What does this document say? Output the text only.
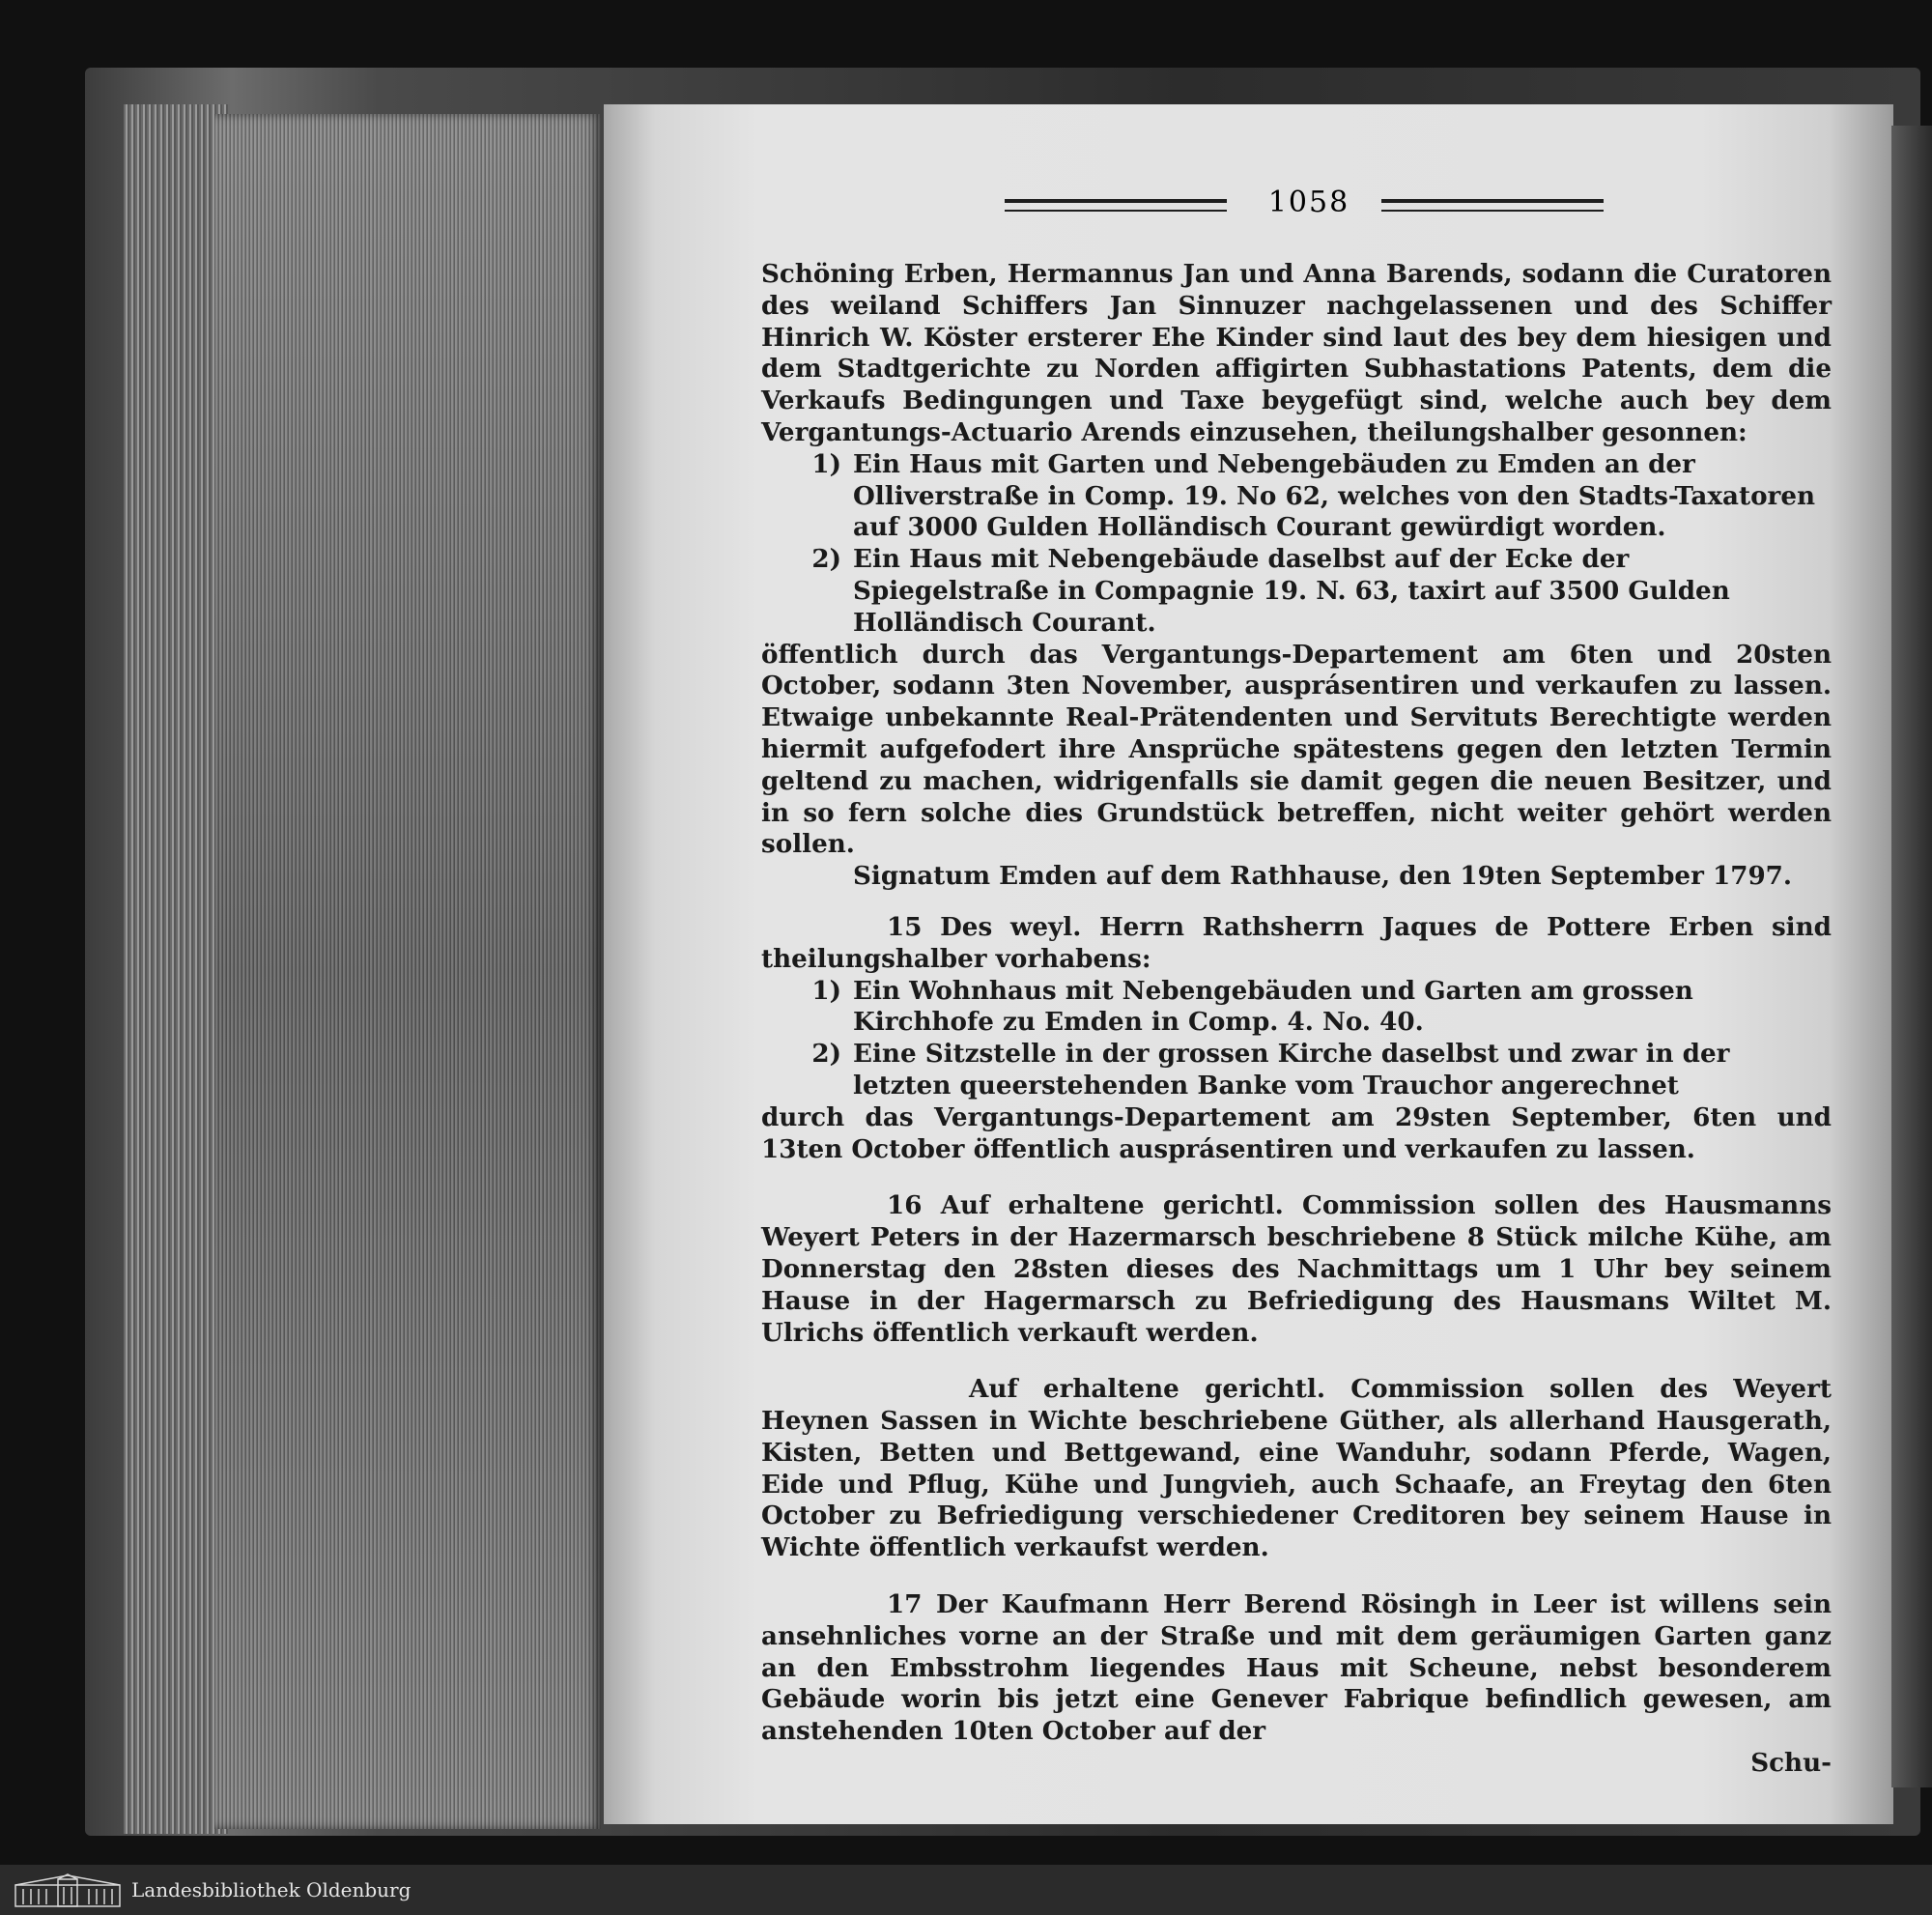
1058

Schöning Erben, Hermannus Jan und Anna Barends, sodann die Curatoren des weiland Schiffers Jan Sinnuzer nachgelassenen und des Schiffer Hinrich W. Köster ersterer Ehe Kinder sind laut des bey dem hiesigen und dem Stadtgerichte zu Norden affigirten Subhastations Patents, dem die Verkaufs Bedingungen und Taxe beygefügt sind, welche auch bey dem Vergantungs-Actuario Arends einzusehen, theilungshalber gesonnen:

1) Ein Haus mit Garten und Nebengebäuden zu Emden an der Olliverstraße in Comp. 19. No 62, welches von den Stadts-Taxatoren auf 3000 Gulden Holländisch Courant gewürdigt worden.
2) Ein Haus mit Nebengebäude daselbst auf der Ecke der Spiegelstraße in Compagnie 19. N. 63, taxirt auf 3500 Gulden Holländisch Courant.

öffentlich durch das Vergantungs-Departement am 6ten und 20sten October, sodann 3ten November, ausprásentiren und verkaufen zu lassen. Etwaige unbekannte Real-Prätendenten und Servituts Berechtigte werden hiermit aufgefodert ihre Ansprüche spätestens gegen den letzten Termin geltend zu machen, widrigenfalls sie damit gegen die neuen Besitzer, und in so fern solche dies Grundstück betreffen, nicht weiter gehört werden sollen.

Signatum Emden auf dem Rathhause, den 19ten September 1797.

15 Des weyl. Herrn Rathsherrn Jaques de Pottere Erben sind theilungshalber vorhabens:

1) Ein Wohnhaus mit Nebengebäuden und Garten am grossen Kirchhofe zu Emden in Comp. 4. No. 40.
2) Eine Sitzstelle in der grossen Kirche daselbst und zwar in der letzten queerstehenden Banke vom Trauchor angerechnet

durch das Vergantungs-Departement am 29sten September, 6ten und 13ten October öffentlich ausprásentiren und verkaufen zu lassen.

16 Auf erhaltene gerichtl. Commission sollen des Hausmanns Weyert Peters in der Hazermarsch beschriebene 8 Stück milche Kühe, am Donnerstag den 28sten dieses des Nachmittags um 1 Uhr bey seinem Hause in der Hagermarsch zu Befriedigung des Hausmans Wiltet M. Ulrichs öffentlich verkauft werden.

Auf erhaltene gerichtl. Commission sollen des Weyert Heynen Sassen in Wichte beschriebene Güther, als allerhand Hausgerath, Kisten, Betten und Bettgewand, eine Wanduhr, sodann Pferde, Wagen, Eide und Pflug, Kühe und Jungvieh, auch Schaafe, an Freytag den 6ten October zu Befriedigung verschiedener Creditoren bey seinem Hause in Wichte öffentlich verkaufst werden.

17 Der Kaufmann Herr Berend Rösingh in Leer ist willens sein ansehnliches vorne an der Straße und mit dem geräumigen Garten ganz an den Embsstrohm liegendes Haus mit Scheune, nebst besonderem Gebäude worin bis jetzt eine Genever Fabrique befindlich gewesen, am anstehenden 10ten October auf der

Schu-

Landesbibliothek Oldenburg
